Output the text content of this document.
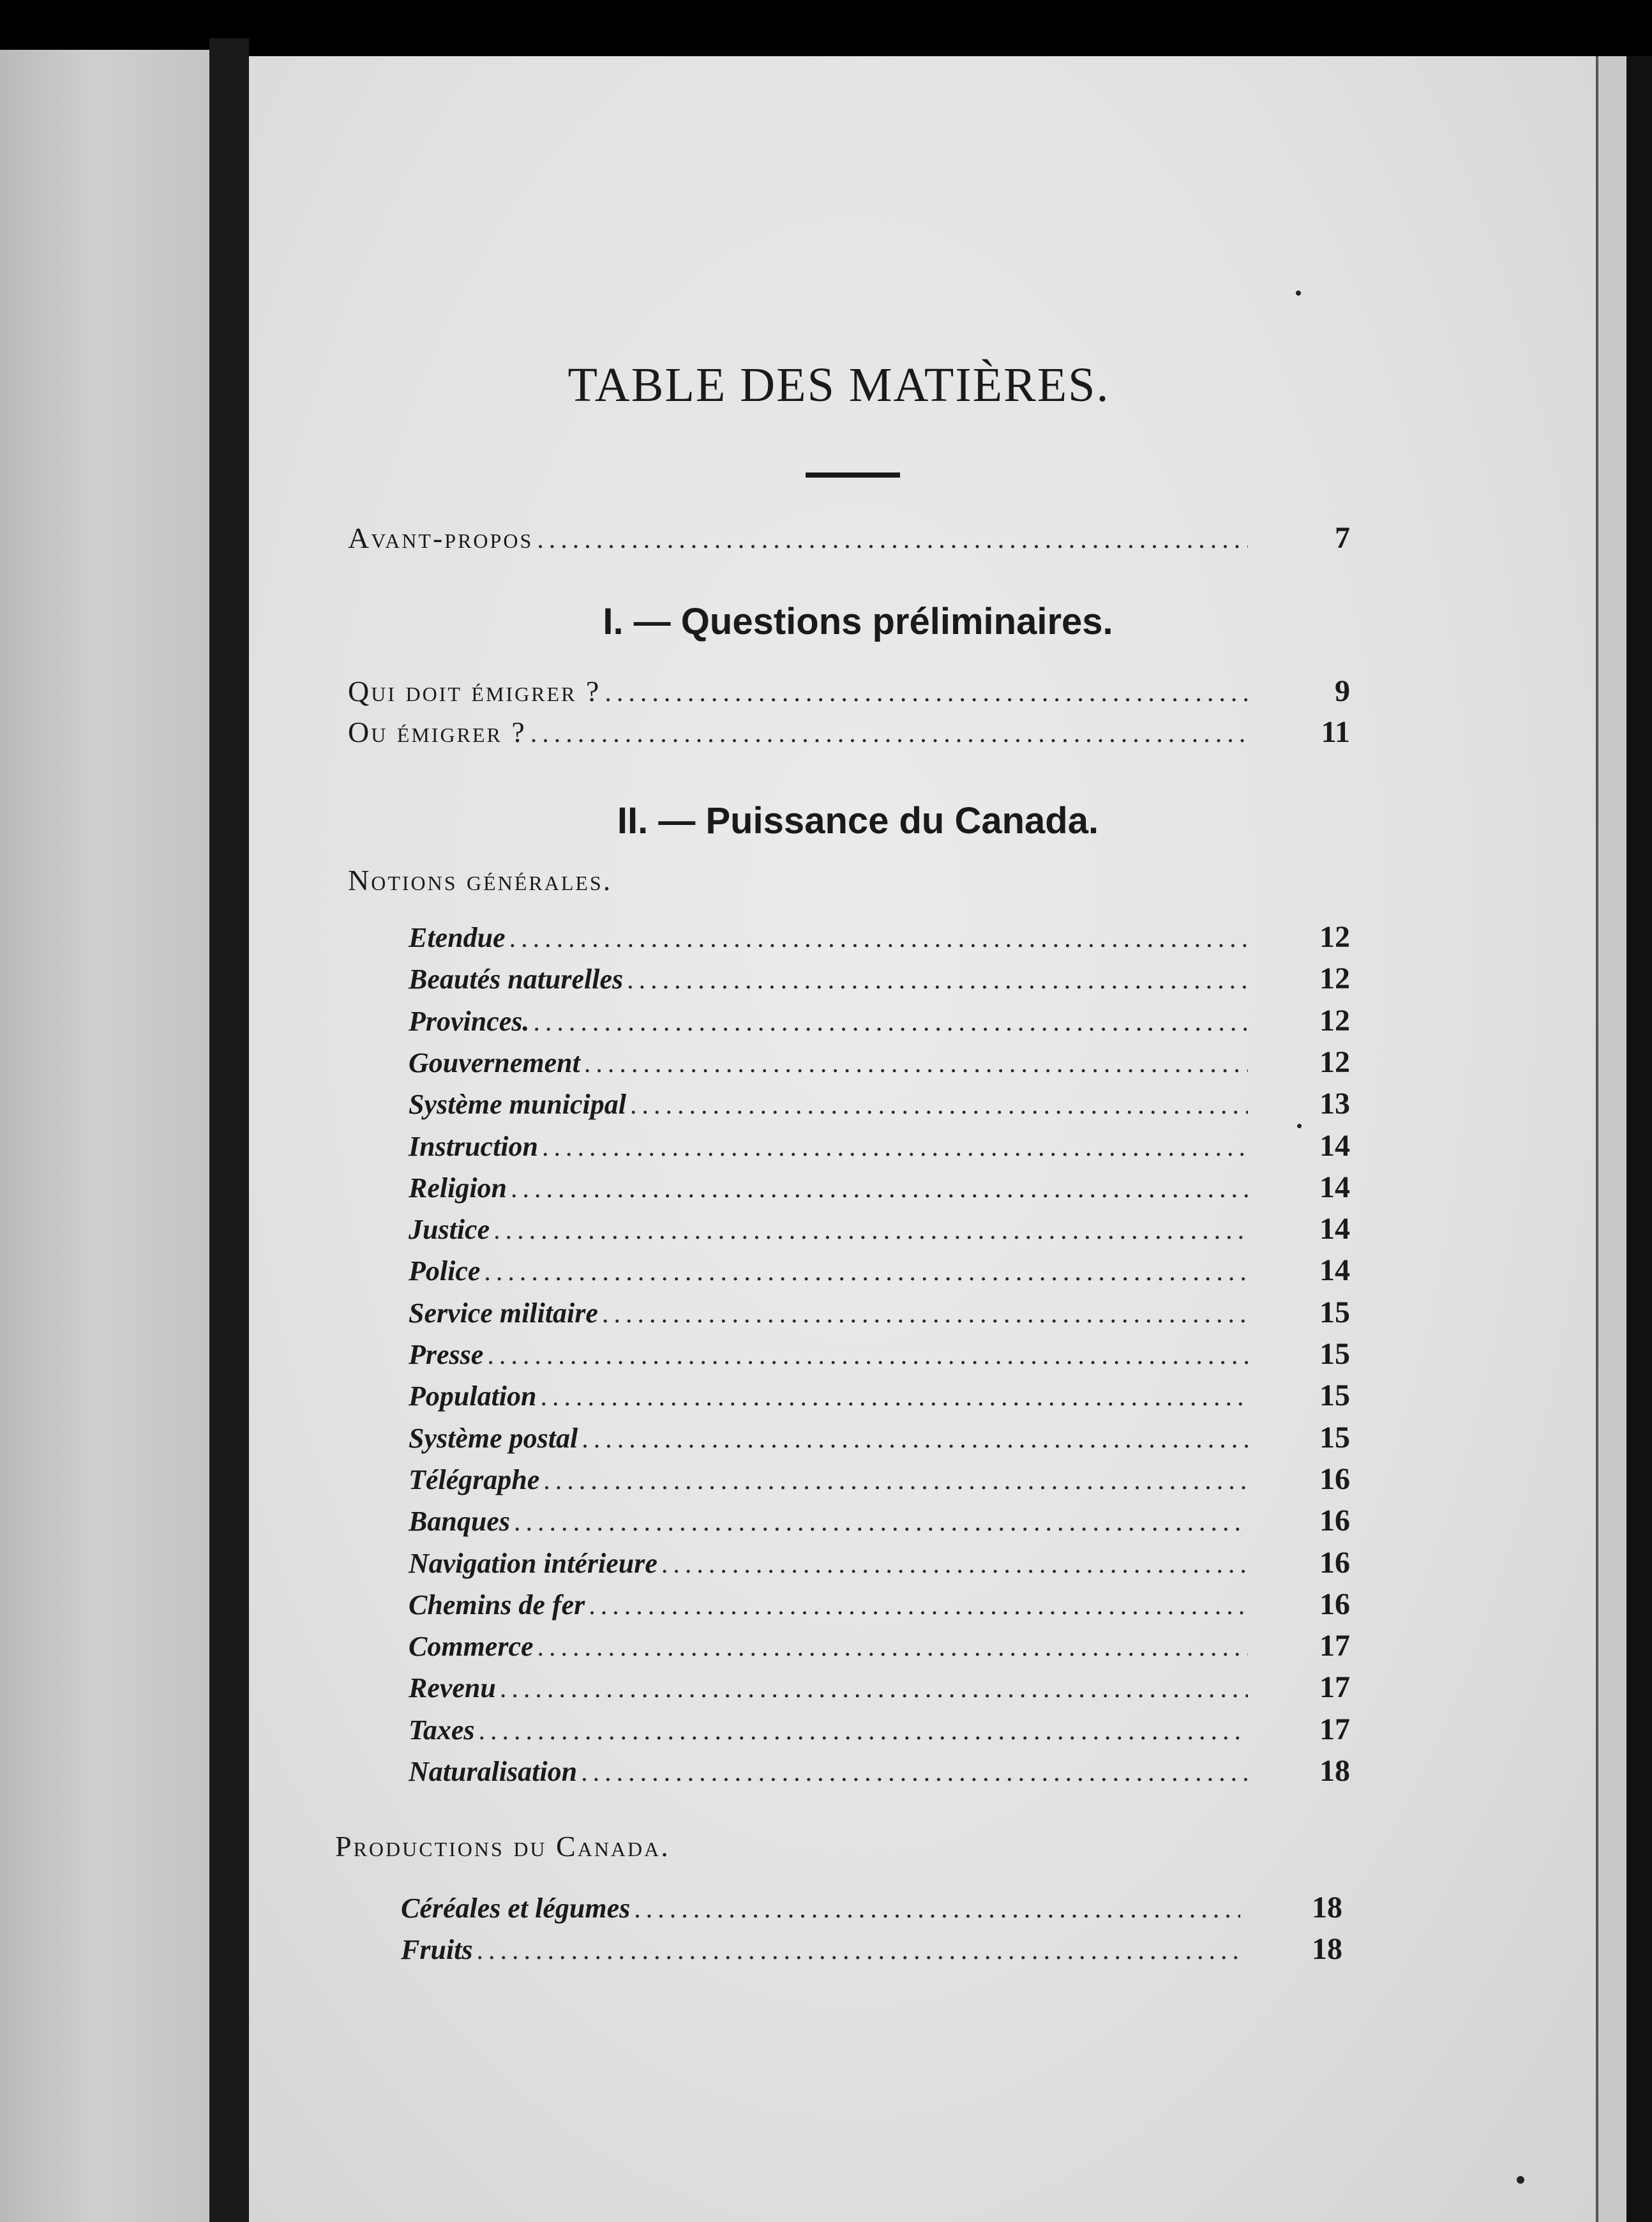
TABLE DES MATIÈRES.
Avant-propos .....	7
I. — Questions préliminaires.
Qui doit émigrer ? .....	9
Ou émigrer ? .....	11
II. — Puissance du Canada.
Notions générales.
Etendue .....	12
Beautés naturelles .....	12
Provinces. .....	12
Gouvernement .....	12
Système municipal .....	13
Instruction .....	14
Religion .....	14
Justice .....	14
Police .....	14
Service militaire .....	15
Presse .....	15
Population .....	15
Système postal .....	15
Télégraphe .....	16
Banques .....	16
Navigation intérieure .....	16
Chemins de fer .....	16
Commerce .....	17
Revenu .....	17
Taxes .....	17
Naturalisation .....	18
Productions du Canada.
Céréales et légumes .....	18
Fruits .....	18
